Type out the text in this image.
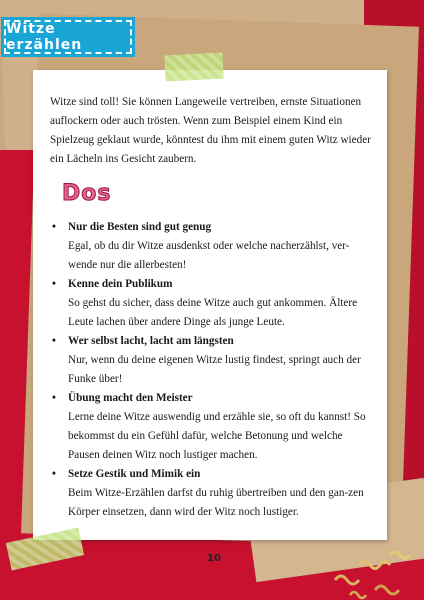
Witze erzählen

Witze sind toll! Sie können Langeweile vertreiben, ernste Situationen auflockern oder auch trösten. Wenn zum Beispiel einem Kind ein Spielzeug geklaut wurde, könntest du ihm mit einem guten Witz wieder ein Lächeln ins Gesicht zaubern.

Dos
• Nur die Besten sind gut genug
Egal, ob du dir Witze ausdenkst oder welche nacherzählst, ver-wende nur die allerbesten!
• Kenne dein Publikum
So gehst du sicher, dass deine Witze auch gut ankommen. Ältere Leute lachen über andere Dinge als junge Leute.
• Wer selbst lacht, lacht am längsten
Nur, wenn du deine eigenen Witze lustig findest, springt auch der Funke über!
• Übung macht den Meister
Lerne deine Witze auswendig und erzähle sie, so oft du kannst! So bekommst du ein Gefühl dafür, welche Betonung und welche Pausen deinen Witz noch lustiger machen.
• Setze Gestik und Mimik ein
Beim Witze-Erzählen darfst du ruhig übertreiben und den gan-zen Körper einsetzen, dann wird der Witz noch lustiger.
10
